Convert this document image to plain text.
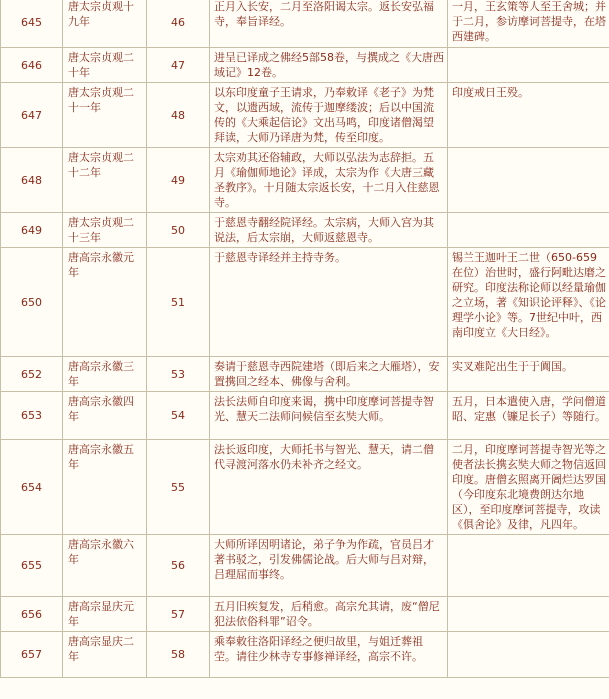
645	唐太宗贞观十九年	46	正月入长安，二月至洛阳谒太宗。返长安弘福寺，奉旨译经。	一月，王玄策等人至王舍城；并于二月，参访摩诃菩提寺，在塔西建碑。
646	唐太宗贞观二十年	47	进呈已译成之佛经5部58卷，与撰成之《大唐西域记》12卷。	
647	唐太宗贞观二十一年	48	以东印度童子王请求，乃奉敕译《老子》为梵文，以遗西域，流传于迦摩缕波；后以中国流传的《大乘起信论》文出马鸣，印度诸僧渴望拜读，大师乃译唐为梵，传至印度。	印度戒日王殁。
648	唐太宗贞观二十二年	49	太宗劝其还俗辅政，大师以弘法为志辞拒。五月《瑜伽师地论》译成，太宗为作《大唐三藏圣教序》。十月随太宗返长安，十二月入住慈恩寺。	
649	唐太宗贞观二十三年	50	于慈恩寺翻经院译经。太宗病，大师入宫为其说法，后太宗崩，大师返慈恩寺。	
650	唐高宗永徽元年	51	于慈恩寺译经并主持寺务。	锡兰王迦叶王二世（650-659在位）治世时，盛行阿毗达磨之研究。印度法称论师以经量瑜伽之立场，著《知识论评释》、《论理学小论》等。7世纪中叶，西南印度立《大日经》。
652	唐高宗永徽三年	53	奏请于慈恩寺西院建塔（即后来之大雁塔），安置携回之经本、佛像与舍利。	实叉难陀出生于于阗国。
653	唐高宗永徽四年	54	法长法师自印度来谒，携中印度摩诃菩提寺智光、慧天二法师问候信至玄奘大师。	五月，日本遣使入唐，学问僧道昭、定惠（镰足长子）等随行。
654	唐高宗永徽五年	55	法长返印度，大师托书与智光、慧天，请二僧代寻渡河落水仍未补齐之经文。	二月，印度摩诃菩提寺智光等之使者法长携玄奘大师之物信返回印度。唐僧玄照离开阇烂达罗国（今印度东北境费朗达尔地区），至印度摩诃菩提寺，攻读《俱舍论》及律，凡四年。
655	唐高宗永徽六年	56	大师所译因明诸论，弟子争为作疏，官员吕才著书驳之，引发佛儒论战。后大师与吕对辩，吕理屈而事终。	
656	唐高宗显庆元年	57	五月旧疾复发，后稍愈。高宗允其请，废“僧尼犯法依俗科罪”诏令。	
657	唐高宗显庆二年	58	乘奉敕往洛阳译经之便归故里，与姐迁葬祖茔。请往少林寺专事修禅译经，高宗不许。	
